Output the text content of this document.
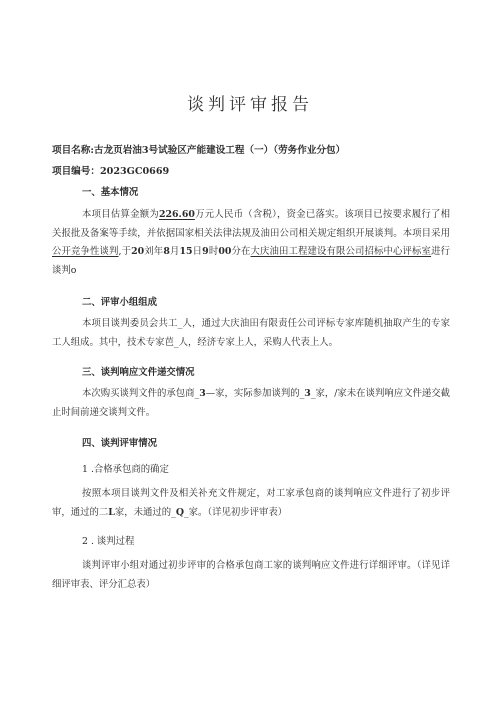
谈判评审报告
项目名称:古龙页岩油3号试验区产能建设工程（一）（劳务作业分包）
项目编号：2023GC0669
一、基本情况
本项目估算金额为226.60万元人民币（含税），资金已落实。该项目已按要求履行了相关报批及备案等手续，并依据国家相关法律法规及油田公司相关规定组织开展谈判。本项目采用公开竞争性谈判,于20刘年8月15日9时00分在大庆油田工程建设有限公司招标中心评标室进行谈判o
二、评审小组组成
本项目谈判委员会共工_人，通过大庆油田有限责任公司评标专家库随机抽取产生的专家工人组成。其中，技术专家芭_人，经济专家上人，采购人代表上人。
三、谈判响应文件递交情况
本次购买谈判文件的承包商_3—家，实际参加谈判的_3_家，/家未在谈判响应文件递交截止时间前递交谈判文件。
四、谈判评审情况
1 .合格承包商的确定
按照本项目谈判文件及相关补充文件规定，对工家承包商的谈判响应文件进行了初步评审，通过的二L家，未通过的_Q_家。（详见初步评审表）
2 . 谈判过程
谈判评审小组对通过初步评审的合格承包商工家的谈判响应文件进行详细评审。（详见详细评审表、评分汇总表）
